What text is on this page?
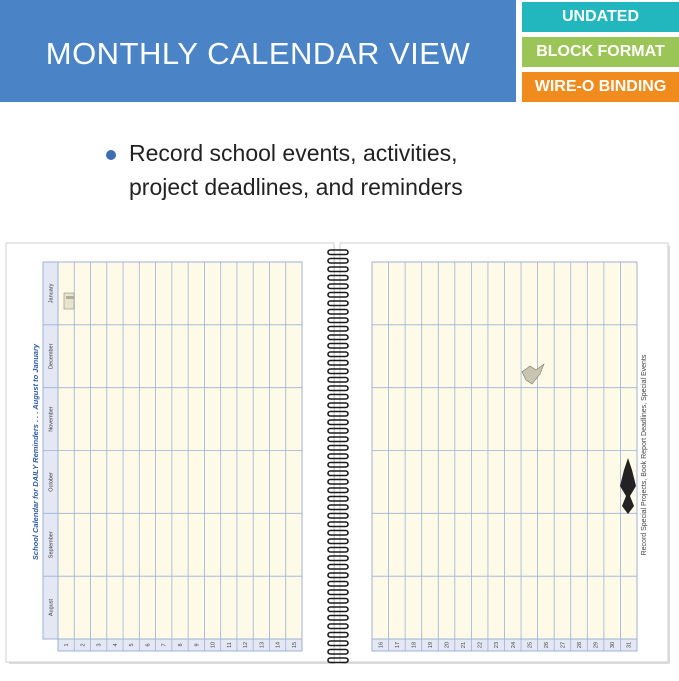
MONTHLY CALENDAR VIEW
UNDATED
BLOCK FORMAT
WIRE-O BINDING
Record school events, activities,
project deadlines, and reminders
1 2 3 4 5 6 7 8 9 10 11 12 13 14 15
January
December
November
October
September
August
16 17 18 19 20 21 22 23 24 25 26 27 28 29 30 31
School Calendar for DAILY Reminders . . . August to January	Record Special Projects, Book Report Deadlines, Special Events
